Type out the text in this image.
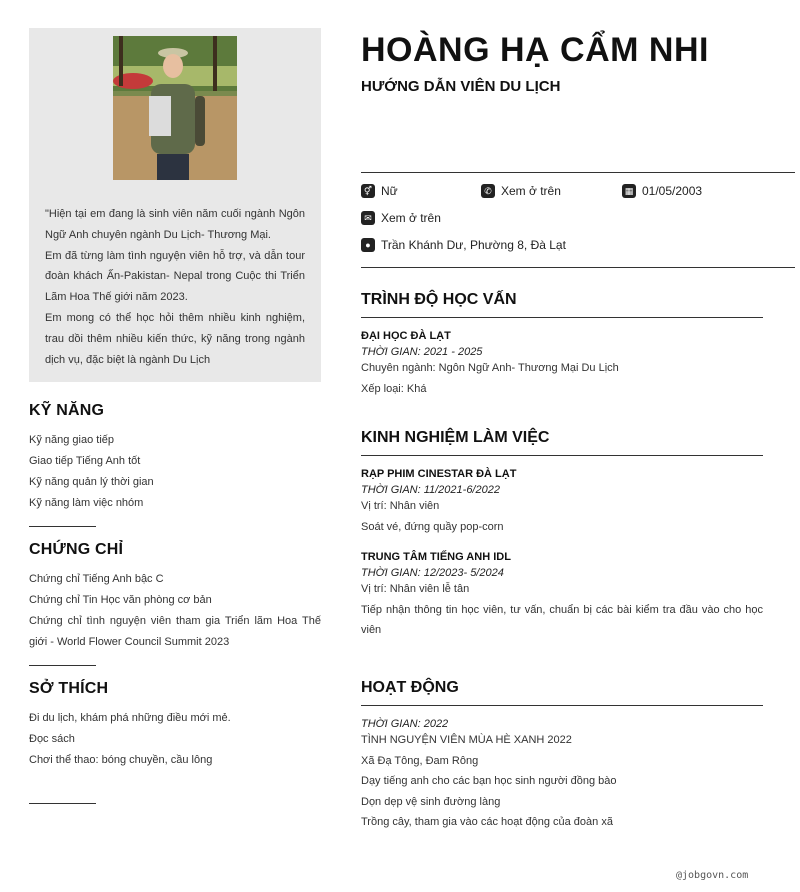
"Hiện tại em đang là sinh viên năm cuối ngành Ngôn Ngữ Anh chuyên ngành Du Lịch- Thương Mại.

Em đã từng làm tình nguyện viên hỗ trợ, và dẫn tour đoàn khách Ấn-Pakistan- Nepal trong Cuộc thi Triển Lãm Hoa Thế giới năm 2023.

Em mong có thể học hỏi thêm nhiều kinh nghiệm, trau dồi thêm nhiều kiến thức, kỹ năng trong ngành dịch vụ, đặc biệt là ngành Du Lịch

KỸ NĂNG
Kỹ năng giao tiếp
Giao tiếp Tiếng Anh tốt
Kỹ năng quản lý thời gian
Kỹ năng làm việc nhóm
CHỨNG CHỈ
Chứng chỉ Tiếng Anh bậc C
Chứng chỉ Tin Học văn phòng cơ bản
Chứng chỉ tình nguyện viên tham gia Triển lãm Hoa Thế giới - World Flower Council Summit 2023
SỞ THÍCH
Đi du lịch, khám phá những điều mới mẻ.
Đọc sách
Chơi thể thao: bóng chuyền, cầu lông
HOÀNG HẠ CẨM NHI
HƯỚNG DẪN VIÊN DU LỊCH
⚥ Nữ	✆ Xem ở trên	▦ 01/05/2003
✉ Xem ở trên
● Trần Khánh Dư, Phường 8, Đà Lạt
TRÌNH ĐỘ HỌC VẤN
ĐẠI HỌC ĐÀ LẠT
THỜI GIAN: 2021 - 2025
Chuyên ngành: Ngôn Ngữ Anh- Thương Mại Du Lịch
Xếp loại: Khá
KINH NGHIỆM LÀM VIỆC
RẠP PHIM CINESTAR ĐÀ LẠT
THỜI GIAN: 11/2021-6/2022
Vị trí: Nhân viên
Soát vé, đứng quầy pop-corn
TRUNG TÂM TIẾNG ANH IDL
THỜI GIAN: 12/2023- 5/2024
Vị trí: Nhân viên lễ tân
Tiếp nhận thông tin học viên, tư vấn, chuẩn bị các bài kiểm tra đầu vào cho học viên
HOẠT ĐỘNG
THỜI GIAN: 2022
TÌNH NGUYỆN VIÊN MÙA HÈ XANH 2022
Xã Đạ Tông, Đam Rông
Dạy tiếng anh cho các bạn học sinh người đồng bào
Dọn dẹp vệ sinh đường làng
Trồng cây, tham gia vào các hoạt động của đoàn xã
@jobgovn.com
